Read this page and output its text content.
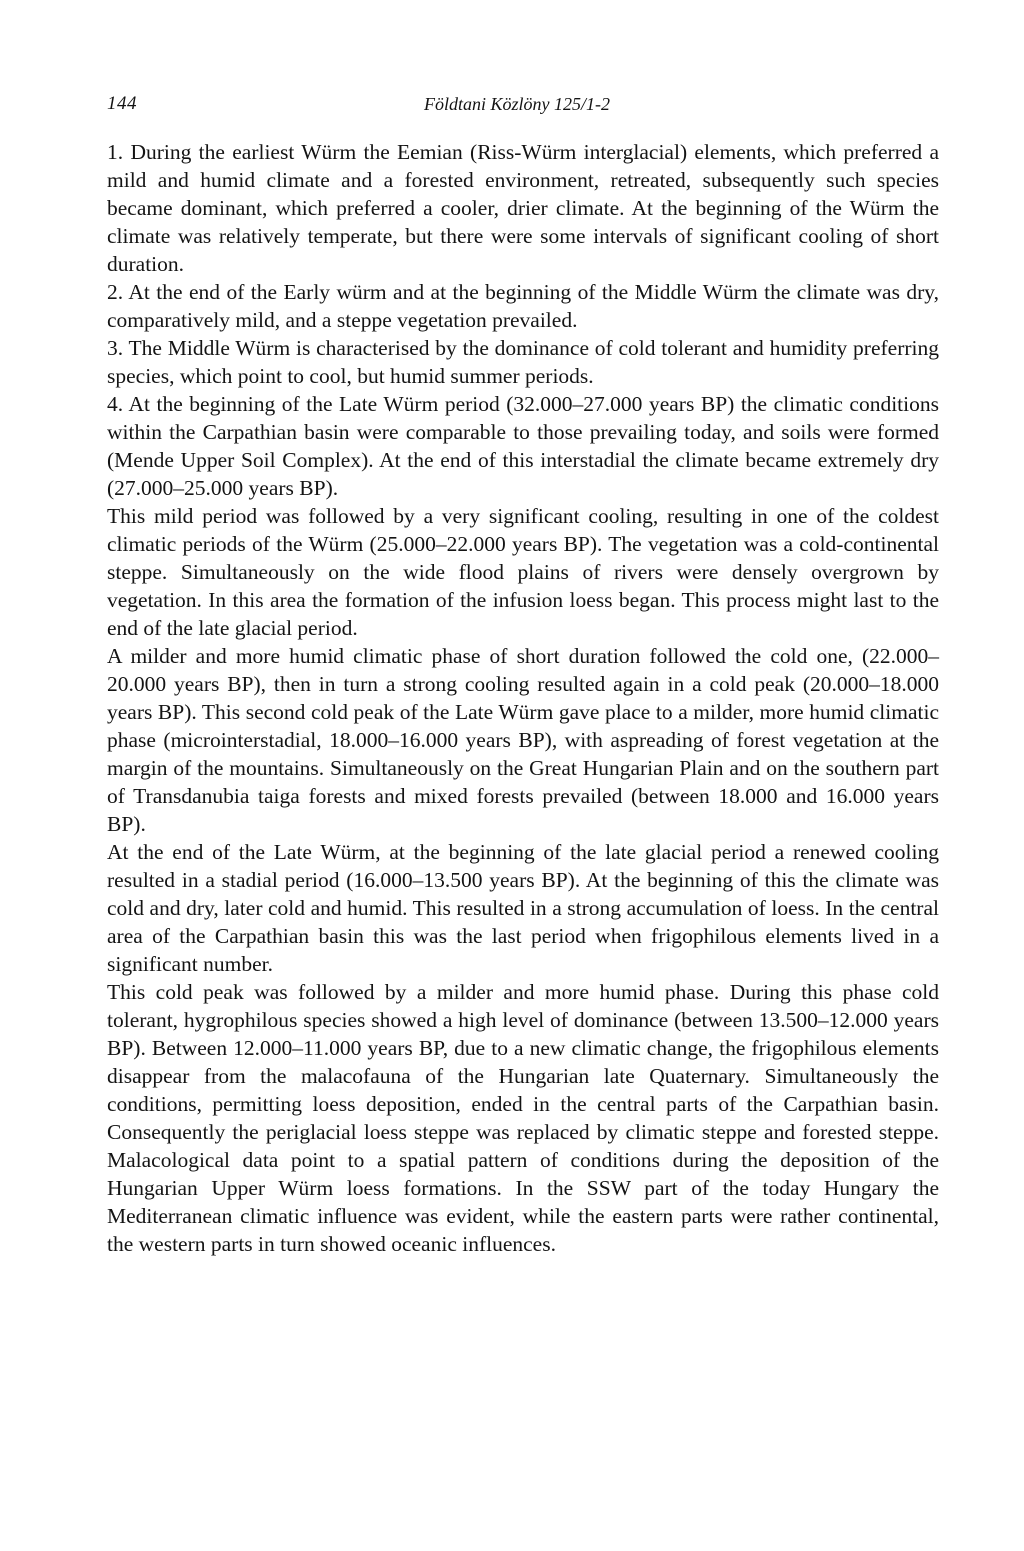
144	Földtani Közlöny 125/1-2

1. During the earliest Würm the Eemian (Riss-Würm interglacial) elements, which preferred a mild and humid climate and a forested environment, retreated, subsequently such species became dominant, which preferred a cooler, drier climate. At the beginning of the Würm the climate was relatively temperate, but there were some intervals of significant cooling of short duration.

2. At the end of the Early würm and at the beginning of the Middle Würm the climate was dry, comparatively mild, and a steppe vegetation prevailed.

3. The Middle Würm is characterised by the dominance of cold tolerant and humidity preferring species, which point to cool, but humid summer periods.

4. At the beginning of the Late Würm period (32.000–27.000 years BP) the climatic conditions within the Carpathian basin were comparable to those prevailing today, and soils were formed (Mende Upper Soil Complex). At the end of this interstadial the climate became extremely dry (27.000–25.000 years BP).

This mild period was followed by a very significant cooling, resulting in one of the coldest climatic periods of the Würm (25.000–22.000 years BP). The vegetation was a cold-continental steppe. Simultaneously on the wide flood plains of rivers were densely overgrown by vegetation. In this area the formation of the infusion loess began. This process might last to the end of the late glacial period.

A milder and more humid climatic phase of short duration followed the cold one, (22.000–20.000 years BP), then in turn a strong cooling resulted again in a cold peak (20.000–18.000 years BP). This second cold peak of the Late Würm gave place to a milder, more humid climatic phase (microinterstadial, 18.000–16.000 years BP), with aspreading of forest vegetation at the margin of the mountains. Simultaneously on the Great Hungarian Plain and on the southern part of Transdanubia taiga forests and mixed forests prevailed (between 18.000 and 16.000 years BP).

At the end of the Late Würm, at the beginning of the late glacial period a renewed cooling resulted in a stadial period (16.000–13.500 years BP). At the beginning of this the climate was cold and dry, later cold and humid. This resulted in a strong accumulation of loess. In the central area of the Carpathian basin this was the last period when frigophilous elements lived in a significant number.

This cold peak was followed by a milder and more humid phase. During this phase cold tolerant, hygrophilous species showed a high level of dominance (between 13.500–12.000 years BP). Between 12.000–11.000 years BP, due to a new climatic change, the frigophilous elements disappear from the malacofauna of the Hungarian late Quaternary. Simultaneously the conditions, permitting loess deposition, ended in the central parts of the Carpathian basin. Consequently the periglacial loess steppe was replaced by climatic steppe and forested steppe. Malacological data point to a spatial pattern of conditions during the deposition of the Hungarian Upper Würm loess formations. In the SSW part of the today Hungary the Mediterranean climatic influence was evident, while the eastern parts were rather continental, the western parts in turn showed oceanic influences.
